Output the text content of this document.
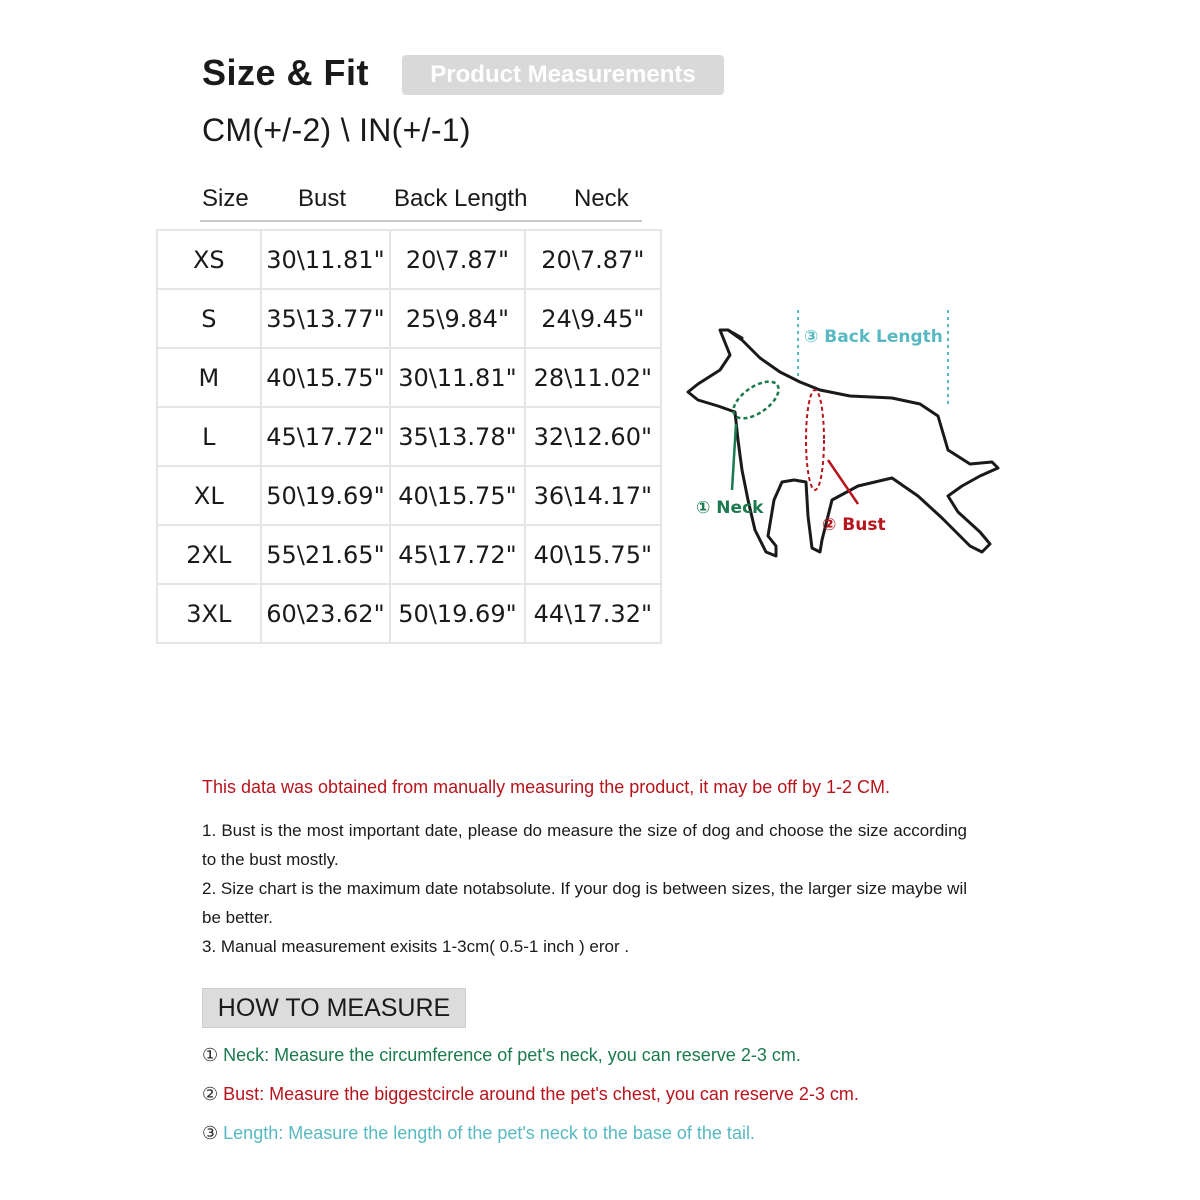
Size & Fit	Product Measurements
CM(+/-2) \ IN(+/-1)
Size Bust Back Length Neck
XS	30\11.81"	20\7.87"	20\7.87"
S	35\13.77"	25\9.84"	24\9.45"
M	40\15.75"	30\11.81"	28\11.02"
L	45\17.72"	35\13.78"	32\12.60"
XL	50\19.69"	40\15.75"	36\14.17"
2XL	55\21.65"	45\17.72"	40\15.75"
3XL	60\23.62"	50\19.69"	44\17.32"
③ Back Length
① Neck
② Bust
This data was obtained from manually measuring the product, it may be off by 1-2 CM.

1. Bust is the most important date, please do measure the size of dog and choose the size according to the bust mostly.

2. Size chart is the maximum date notabsolute. If your dog is between sizes, the larger size maybe wil be better.

3. Manual measurement exisits 1-3cm( 0.5-1 inch ) eror .

HOW TO MEASURE
① Neck: Measure the circumference of pet's neck, you can reserve 2-3 cm.
② Bust: Measure the biggestcircle around the pet's chest, you can reserve 2-3 cm.
③ Length: Measure the length of the pet's neck to the base of the tail.
